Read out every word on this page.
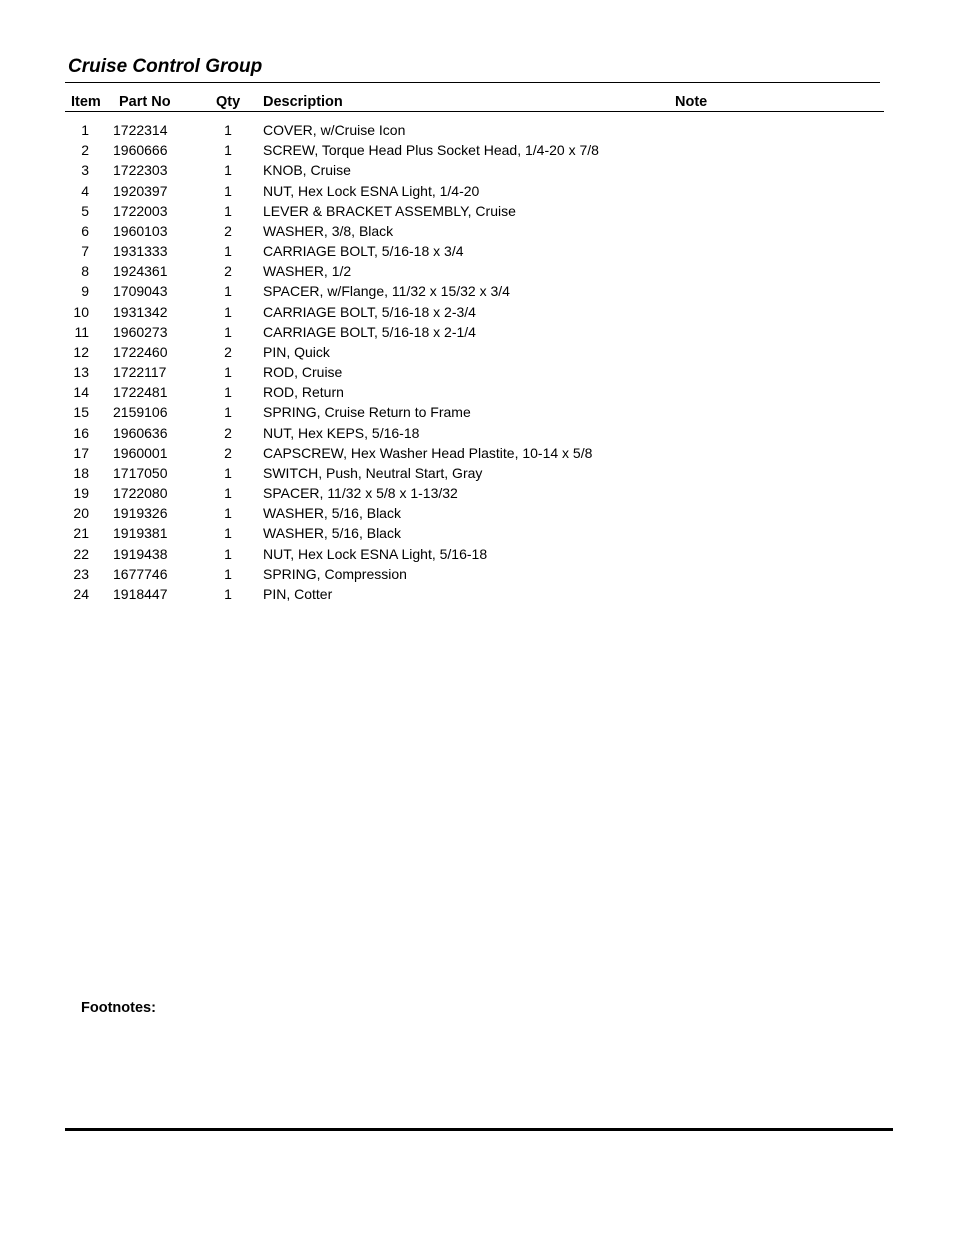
Cruise Control Group
Item Part No	Qty Description	Note
1 1722314	1 COVER, w/Cruise Icon
2 1960666	1 SCREW, Torque Head Plus Socket Head, 1/4-20 x 7/8
3 1722303	1 KNOB, Cruise
4 1920397	1 NUT, Hex Lock ESNA Light, 1/4-20
5 1722003	1 LEVER & BRACKET ASSEMBLY, Cruise
6 1960103	2 WASHER, 3/8, Black
7 1931333	1 CARRIAGE BOLT, 5/16-18 x 3/4
8 1924361	2 WASHER, 1/2
9 1709043	1 SPACER, w/Flange, 11/32 x 15/32 x 3/4
10 1931342	1 CARRIAGE BOLT, 5/16-18 x 2-3/4
11 1960273	1 CARRIAGE BOLT, 5/16-18 x 2-1/4
12 1722460	2 PIN, Quick
13 1722117	1 ROD, Cruise
14 1722481	1 ROD, Return
15 2159106	1 SPRING, Cruise Return to Frame
16 1960636	2 NUT, Hex KEPS, 5/16-18
17 1960001	2 CAPSCREW, Hex Washer Head Plastite, 10-14 x 5/8
18 1717050	1 SWITCH, Push, Neutral Start, Gray
19 1722080	1 SPACER, 11/32 x 5/8 x 1-13/32
20 1919326	1 WASHER, 5/16, Black
21 1919381	1 WASHER, 5/16, Black
22 1919438	1 NUT, Hex Lock ESNA Light, 5/16-18
23 1677746	1 SPRING, Compression
24 1918447	1 PIN, Cotter
Footnotes:
